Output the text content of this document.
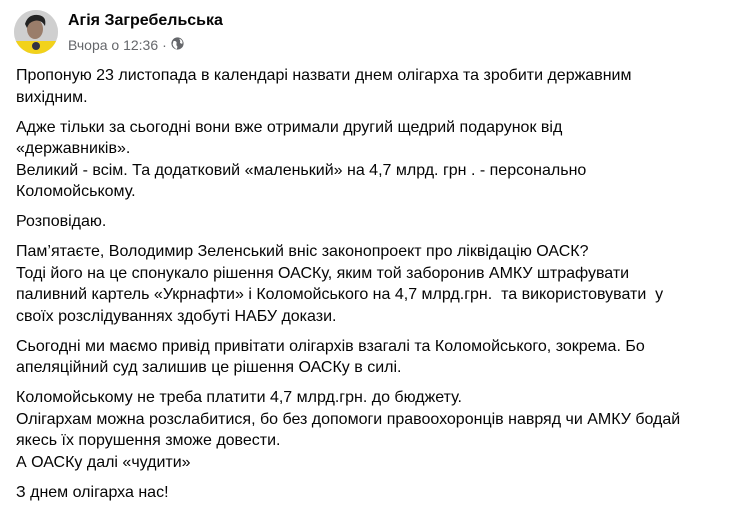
Агія Загребельська
Вчора о 12:36 ·

Пропоную 23 листопада в календарі назвати днем олігарха та зробити державним
вихідним.

Адже тільки за сьогодні вони вже отримали другий щедрий подарунок від
«державників».
Великий - всім. Та додатковий «маленький» на 4,7 млрд. грн . - персонально
Коломойському.

Розповідаю.

Пам’ятаєте, Володимир Зеленський вніс законопроект про ліквідацію ОАСК?
Тоді його на це спонукало рішення ОАСКу, яким той заборонив АМКУ штрафувати
паливний картель «Укрнафти» і Коломойського на 4,7 млрд.грн.  та використовувати  у
своїх розслідуваннях здобуті НАБУ докази.

Сьогодні ми маємо привід привітати олігархів взагалі та Коломойського, зокрема. Бо
апеляційний суд залишив це рішення ОАСКу в силі.

Коломойському не треба платити 4,7 млрд.грн. до бюджету.
Олігархам можна розслабитися, бо без допомоги правоохоронців навряд чи АМКУ бодай
якесь їх порушення зможе довести.
А ОАСКу далі «чудити»

З днем олігарха нас!
